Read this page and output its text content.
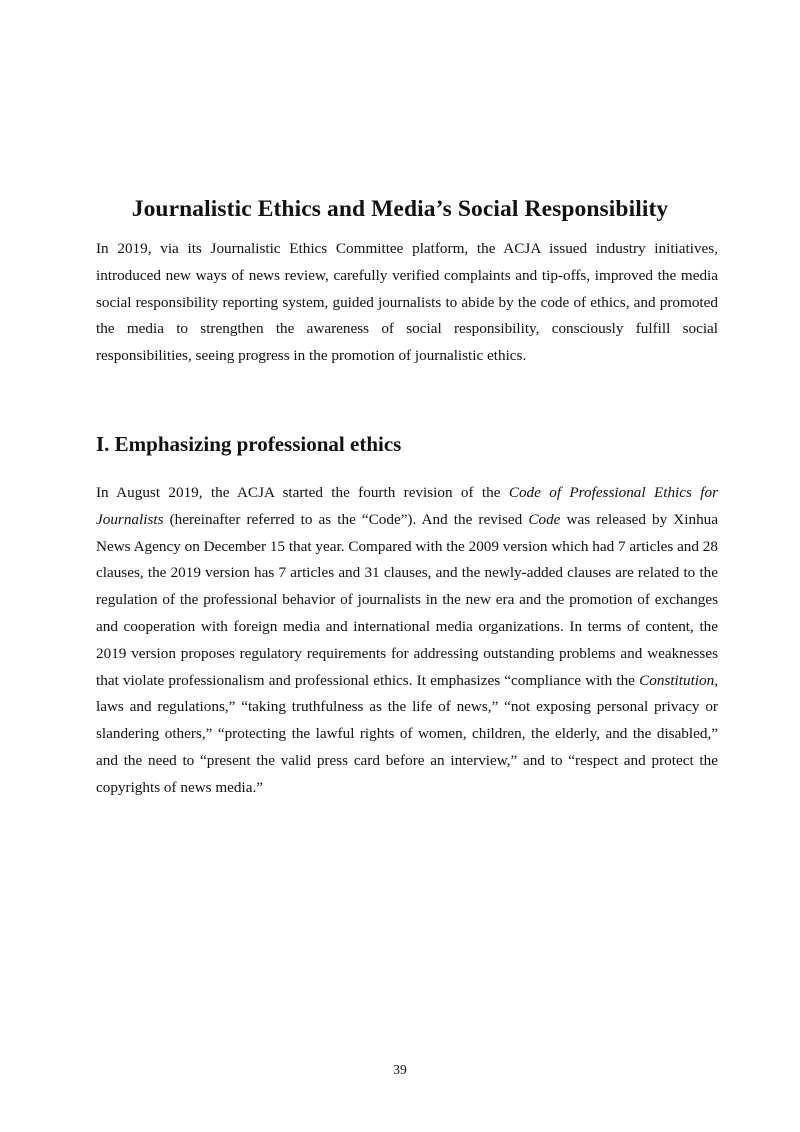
Journalistic Ethics and Media’s Social Responsibility

In 2019, via its Journalistic Ethics Committee platform, the ACJA issued industry initiatives, introduced new ways of news review, carefully verified complaints and tip-offs, improved the media social responsibility reporting system, guided journalists to abide by the code of ethics, and promoted the media to strengthen the awareness of social responsibility, consciously fulfill social responsibilities, seeing progress in the promotion of journalistic ethics.

I. Emphasizing professional ethics

In August 2019, the ACJA started the fourth revision of the Code of Professional Ethics for Journalists (hereinafter referred to as the “Code”). And the revised Code was released by Xinhua News Agency on December 15 that year. Compared with the 2009 version which had 7 articles and 28 clauses, the 2019 version has 7 articles and 31 clauses, and the newly-added clauses are related to the regulation of the professional behavior of journalists in the new era and the promotion of exchanges and cooperation with foreign media and international media organizations. In terms of content, the 2019 version proposes regulatory requirements for addressing outstanding problems and weaknesses that violate professionalism and professional ethics. It emphasizes “compliance with the Constitution, laws and regulations,” “taking truthfulness as the life of news,” “not exposing personal privacy or slandering others,” “protecting the lawful rights of women, children, the elderly, and the disabled,” and the need to “present the valid press card before an interview,” and to “respect and protect the copyrights of news media.”

39
